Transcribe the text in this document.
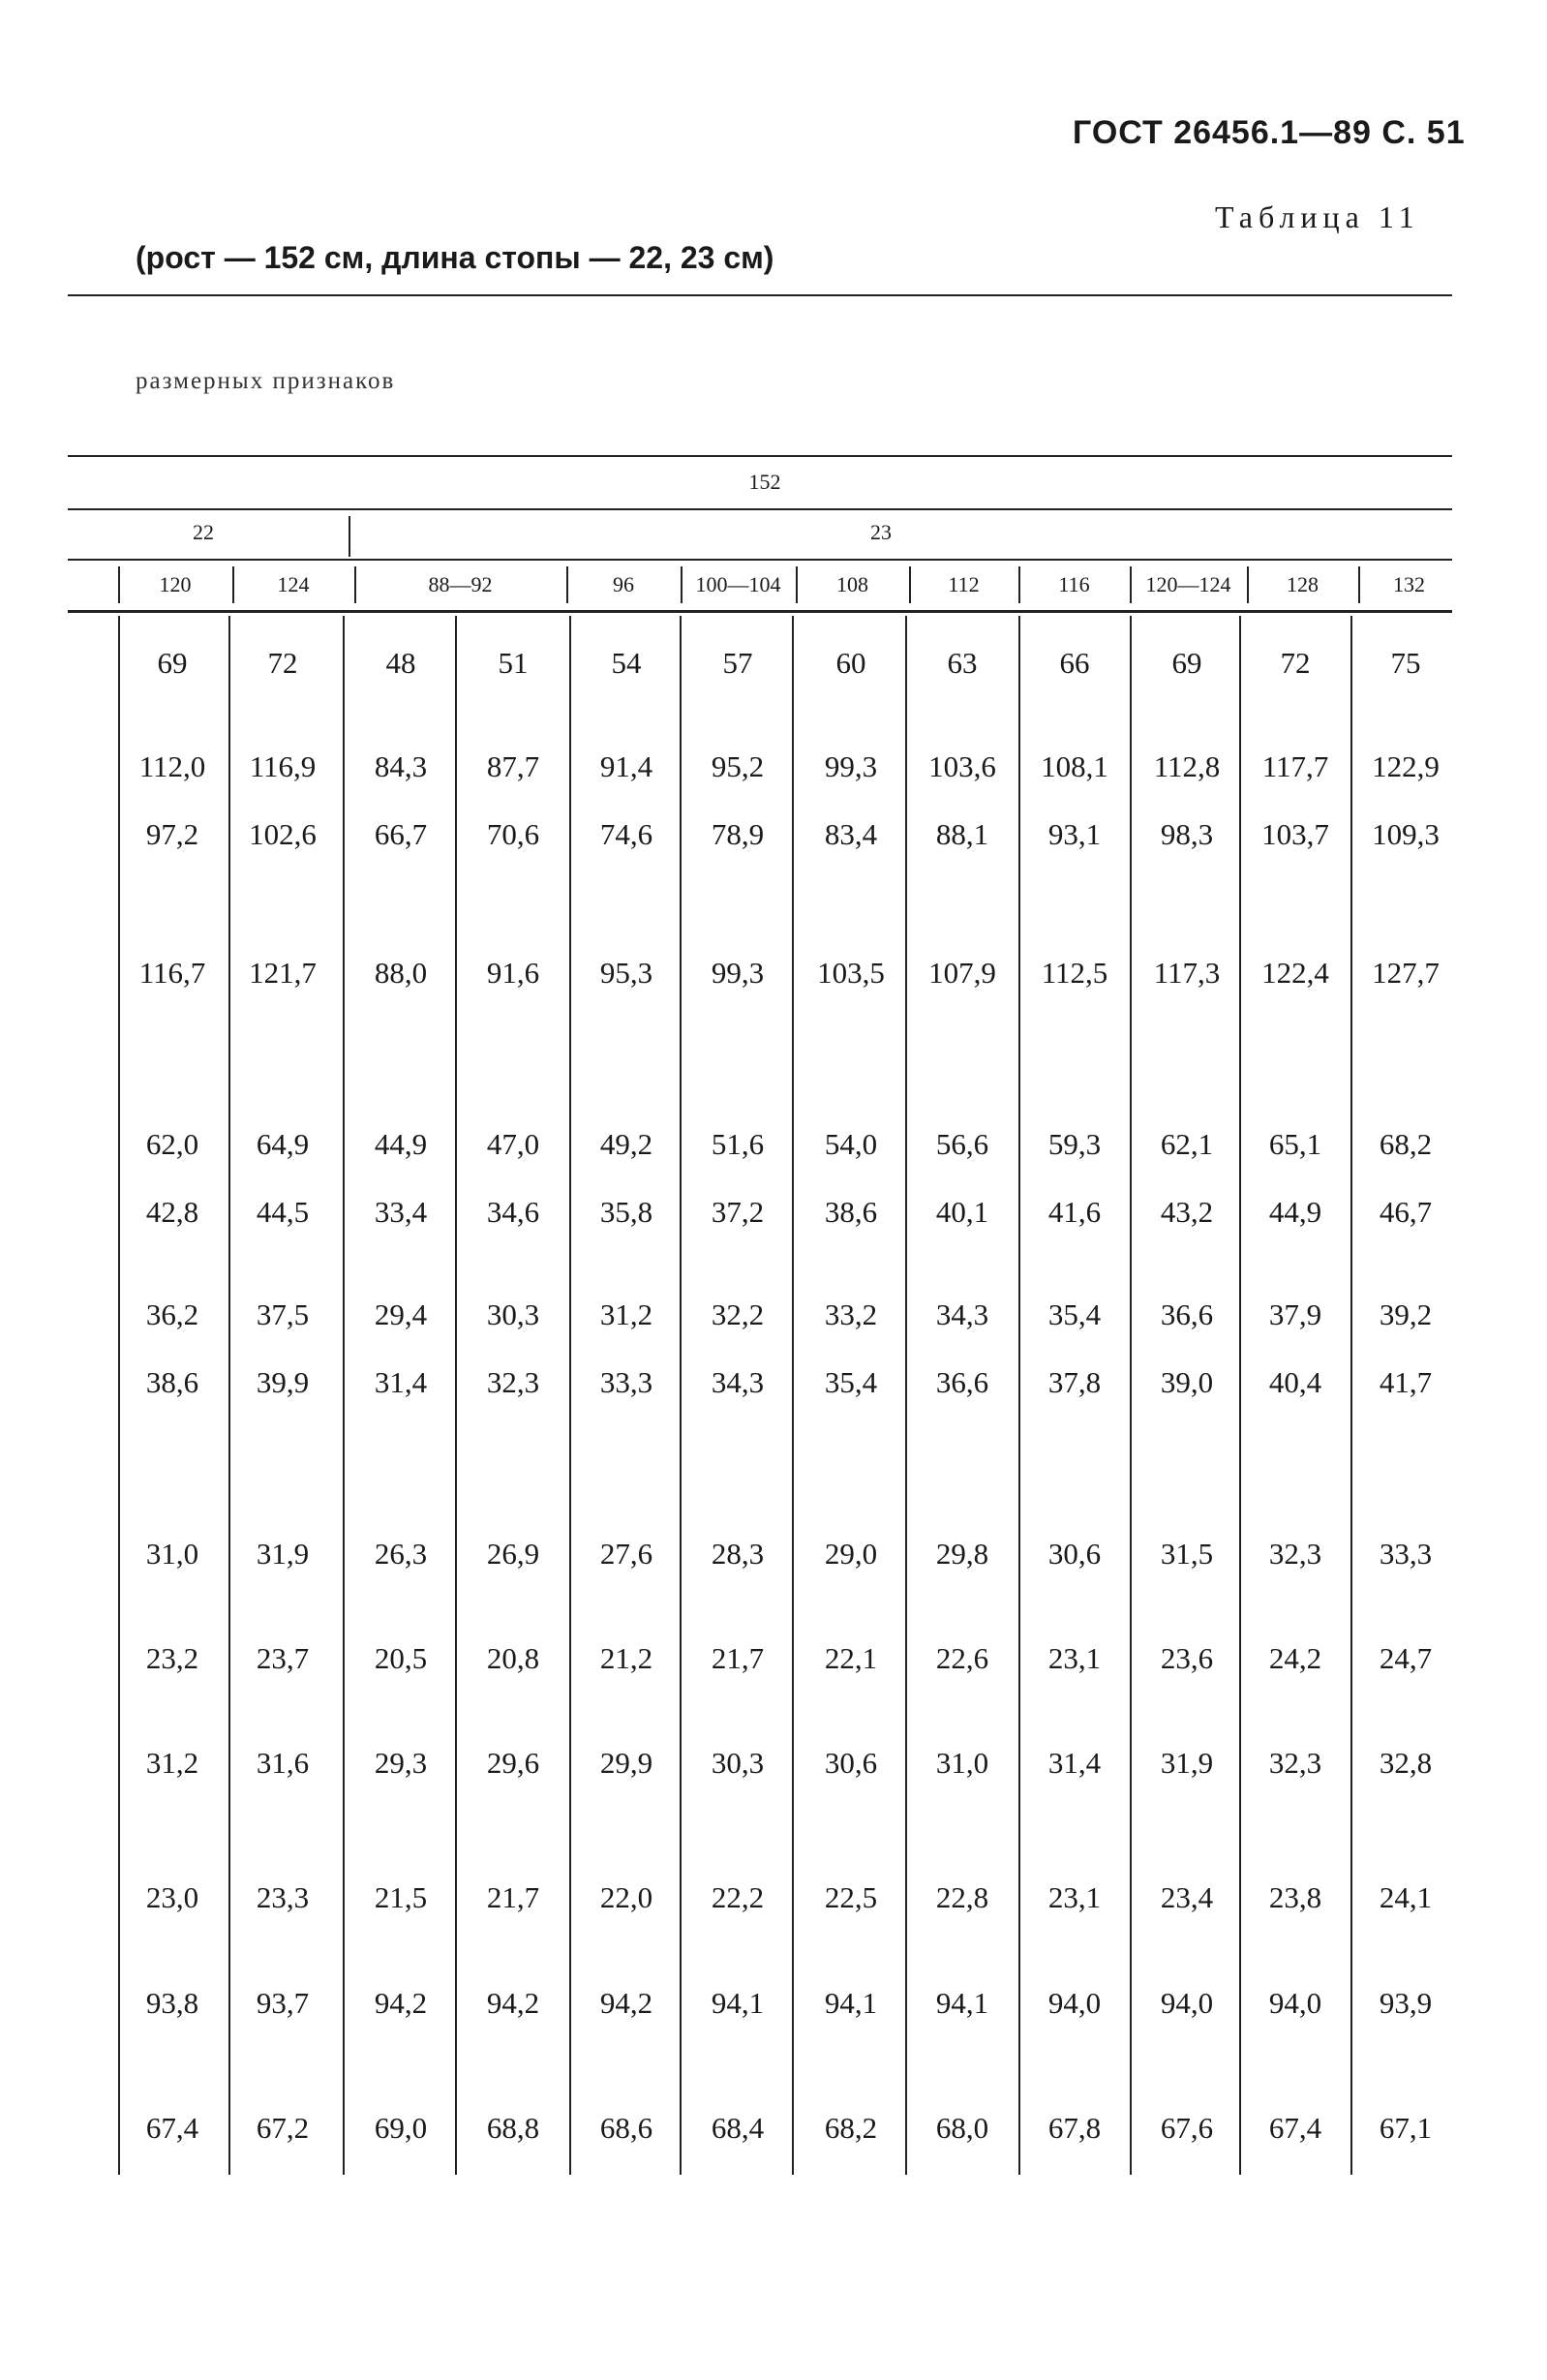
ГОСТ 26456.1—89 С. 51
Таблица 11
(рост — 152 см, длина стопы — 22, 23 см)
размерных признаков
152
22	23
120	124	88—92	96	100—104	108	112	116	120—124	128	132
69	72	48	51	54	57	60	63	66	69	72	75
112,0	116,9	84,3	87,7	91,4	95,2	99,3	103,6	108,1	112,8	117,7	122,9
97,2	102,6	66,7	70,6	74,6	78,9	83,4	88,1	93,1	98,3	103,7	109,3
116,7	121,7	88,0	91,6	95,3	99,3	103,5	107,9	112,5	117,3	122,4	127,7
62,0	64,9	44,9	47,0	49,2	51,6	54,0	56,6	59,3	62,1	65,1	68,2
42,8	44,5	33,4	34,6	35,8	37,2	38,6	40,1	41,6	43,2	44,9	46,7
36,2	37,5	29,4	30,3	31,2	32,2	33,2	34,3	35,4	36,6	37,9	39,2
38,6	39,9	31,4	32,3	33,3	34,3	35,4	36,6	37,8	39,0	40,4	41,7
31,0	31,9	26,3	26,9	27,6	28,3	29,0	29,8	30,6	31,5	32,3	33,3
23,2	23,7	20,5	20,8	21,2	21,7	22,1	22,6	23,1	23,6	24,2	24,7
31,2	31,6	29,3	29,6	29,9	30,3	30,6	31,0	31,4	31,9	32,3	32,8
23,0	23,3	21,5	21,7	22,0	22,2	22,5	22,8	23,1	23,4	23,8	24,1
93,8	93,7	94,2	94,2	94,2	94,1	94,1	94,1	94,0	94,0	94,0	93,9
67,4	67,2	69,0	68,8	68,6	68,4	68,2	68,0	67,8	67,6	67,4	67,1
